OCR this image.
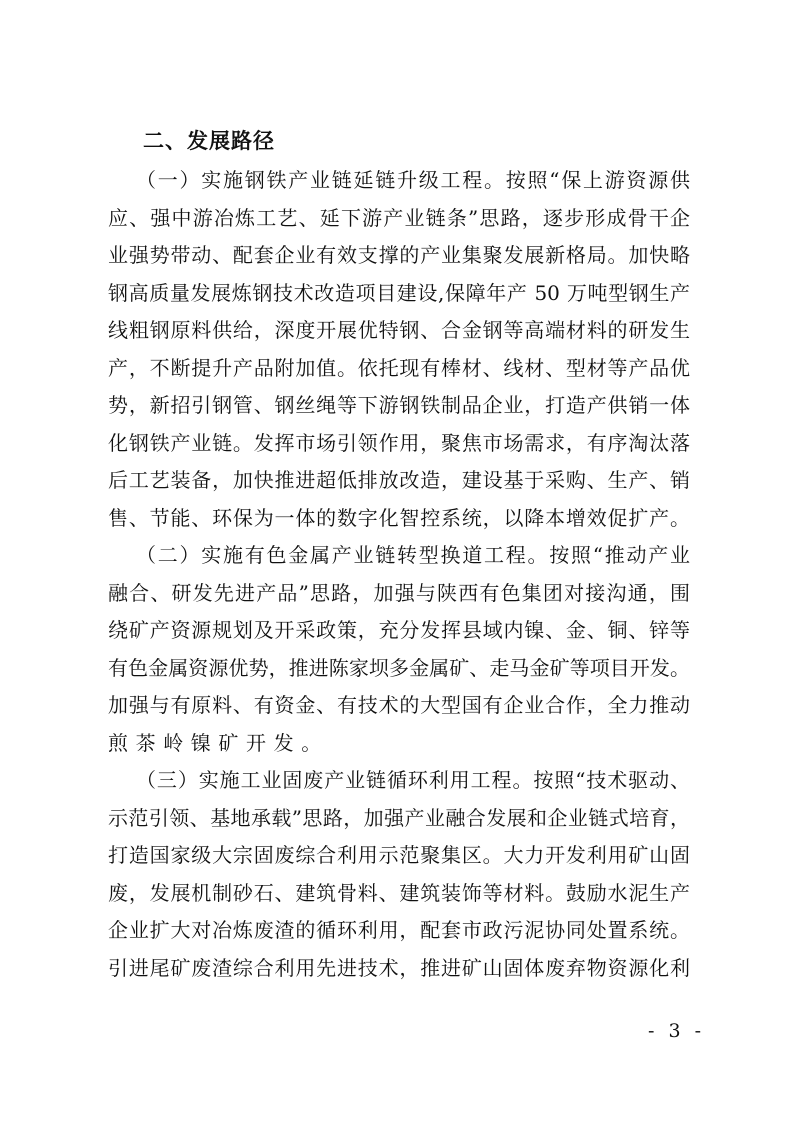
二、发展路径
（一）实施钢铁产业链延链升级工程。按照“保上游资源供
应、强中游冶炼工艺、延下游产业链条”思路，逐步形成骨干企
业强势带动、配套企业有效支撑的产业集聚发展新格局。加快略
钢高质量发展炼钢技术改造项目建设,保障年产 50 万吨型钢生产
线粗钢原料供给，深度开展优特钢、合金钢等高端材料的研发生
产，不断提升产品附加值。依托现有棒材、线材、型材等产品优
势，新招引钢管、钢丝绳等下游钢铁制品企业，打造产供销一体
化钢铁产业链。发挥市场引领作用，聚焦市场需求，有序淘汰落
后工艺装备，加快推进超低排放改造，建设基于采购、生产、销
售、节能、环保为一体的数字化智控系统，以降本增效促扩产。
（二）实施有色金属产业链转型换道工程。按照“推动产业
融合、研发先进产品”思路，加强与陕西有色集团对接沟通，围
绕矿产资源规划及开采政策，充分发挥县域内镍、金、铜、锌等
有色金属资源优势，推进陈家坝多金属矿、走马金矿等项目开发。
加强与有原料、有资金、有技术的大型国有企业合作，全力推动
煎茶岭镍矿开发。
（三）实施工业固废产业链循环利用工程。按照“技术驱动、
示范引领、基地承载”思路，加强产业融合发展和企业链式培育，
打造国家级大宗固废综合利用示范聚集区。大力开发利用矿山固
废，发展机制砂石、建筑骨料、建筑装饰等材料。鼓励水泥生产
企业扩大对冶炼废渣的循环利用，配套市政污泥协同处置系统。
引进尾矿废渣综合利用先进技术，推进矿山固体废弃物资源化利
- 3 -
